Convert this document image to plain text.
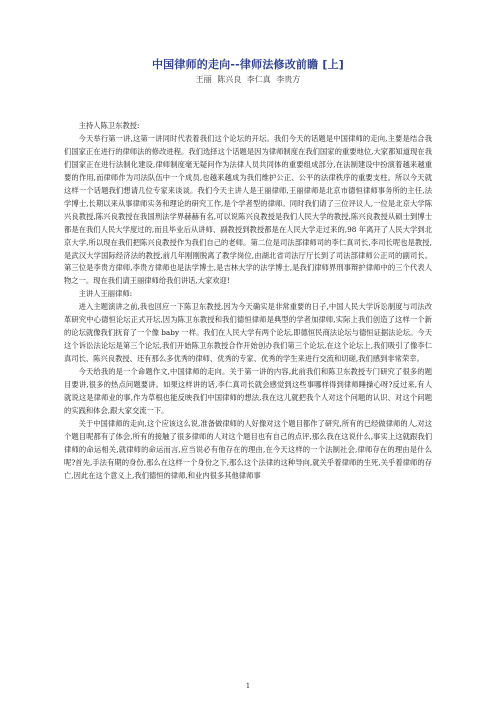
中国律师的走向--律师法修改前瞻 [上]
王丽 陈兴良 李仁真 李贵方

主持人陈卫东教授:

今天举行第一讲,这第一讲同时代表着我们这个论坛的开坛。我们今天的话题是中国律师的走向,主要是结合我们国家正在进行的律师法的修改进程。我们选择这个话题是因为律师制度在我们国家的重要地位,大家都知道现在我们国家正在进行法制化建设,律师制度毫无疑问作为法律人员共同体的重要组成部分,在法制建设中扮演着越来越重要的作用,而律师作为司法队伍中一个成员,也越来越成为我们维护公正、公平的法律秩序的重要支柱。所以今天就这样一个话题我们想请几位专家来谈谈。我们今天主讲人是王丽律师,王丽律师是北京市德恒律师事务所的主任,法学博士,长期以来从事律师实务和理论的研究工作,是个学者型的律师。同时我们请了三位评议人,一位是北京大学陈兴良教授,陈兴良教授在我国刑法学界赫赫有名,可以说陈兴良教授是我们人民大学的教授,陈兴良教授从硕士到博士都是在我们人民大学度过的,而且毕业后从讲师、副教授到教授都是在人民大学走过来的,98 年离开了人民大学到北京大学,所以现在我们把陈兴良教授作为我们自己的老师。第二位是司法部律师司的李仁真司长,李司长呢也是教授,是武汉大学国际经济法的教授,前几年刚刚脱离了教学岗位,由湖北省司法厅厅长到了司法部律师公正司的副司长。第三位是李贵方律师,李贵方律师也是法学博士,是吉林大学的法学博士,是我们律师界刑事辩护律师中的三个代表人物之一。现在我们请王丽律师给我们讲话,大家欢迎!

主讲人王丽律师:

进入主题演讲之前,我也回应一下陈卫东教授,因为今天确实是非常重要的日子,中国人民大学诉讼制度与司法改革研究中心德恒论坛正式开坛,因为陈卫东教授和我们德恒律师是典型的学者加律师,实际上我们创造了这样一个新的论坛就像我们抚育了一个像 baby 一样。我们在人民大学有两个论坛,即德恒民商法论坛与德恒证据法论坛。今天这个诉讼法论坛是第三个论坛,我们开始陈卫东教授合作开始创办我们第三个论坛,在这个论坛上,我们吸引了像李仁真司长、陈兴良教授、还有那么多优秀的律师、优秀的专家、优秀的学生来进行交流和切磋,我们感到非常荣幸。

今天给我的是一个命题作文,中国律师的走向。关于第一讲的内容,此前我们和陈卫东教授专门研究了很多的题目要讲,很多的热点问题要讲。如果这样讲的话,李仁真司长就会感觉到这些事哪样得到律师睡操心呀?反过来,有人就说这是律师业的事,作为草根也能反映我们中国律师的想法,我在这儿就把我个人对这个问题的认识、对这个问题的实践和体会,跟大家交流一下。

关于中国律师的走向,这个应该这么说,准备做律师的人好像对这个题目都作了研究,所有的已经做律师的人,对这个题目呢都有了体会,所有的接触了很多律师的人对这个题目也有自己的点评,那么我在这说什么,事实上这就跟我们律师的命运相关,就律师的命运而言,应当说必有他存在的理由,在今天这样的一个法制社会,律师存在的理由是什么呢?首先,手法有期的身份,那么在这样一个身份之下,那么这个法律的这种导向,就关乎着律师的生死,关乎着律师的存亡,因此在这个意义上,我们德恒的律师,和业内很多其他律师事

1
